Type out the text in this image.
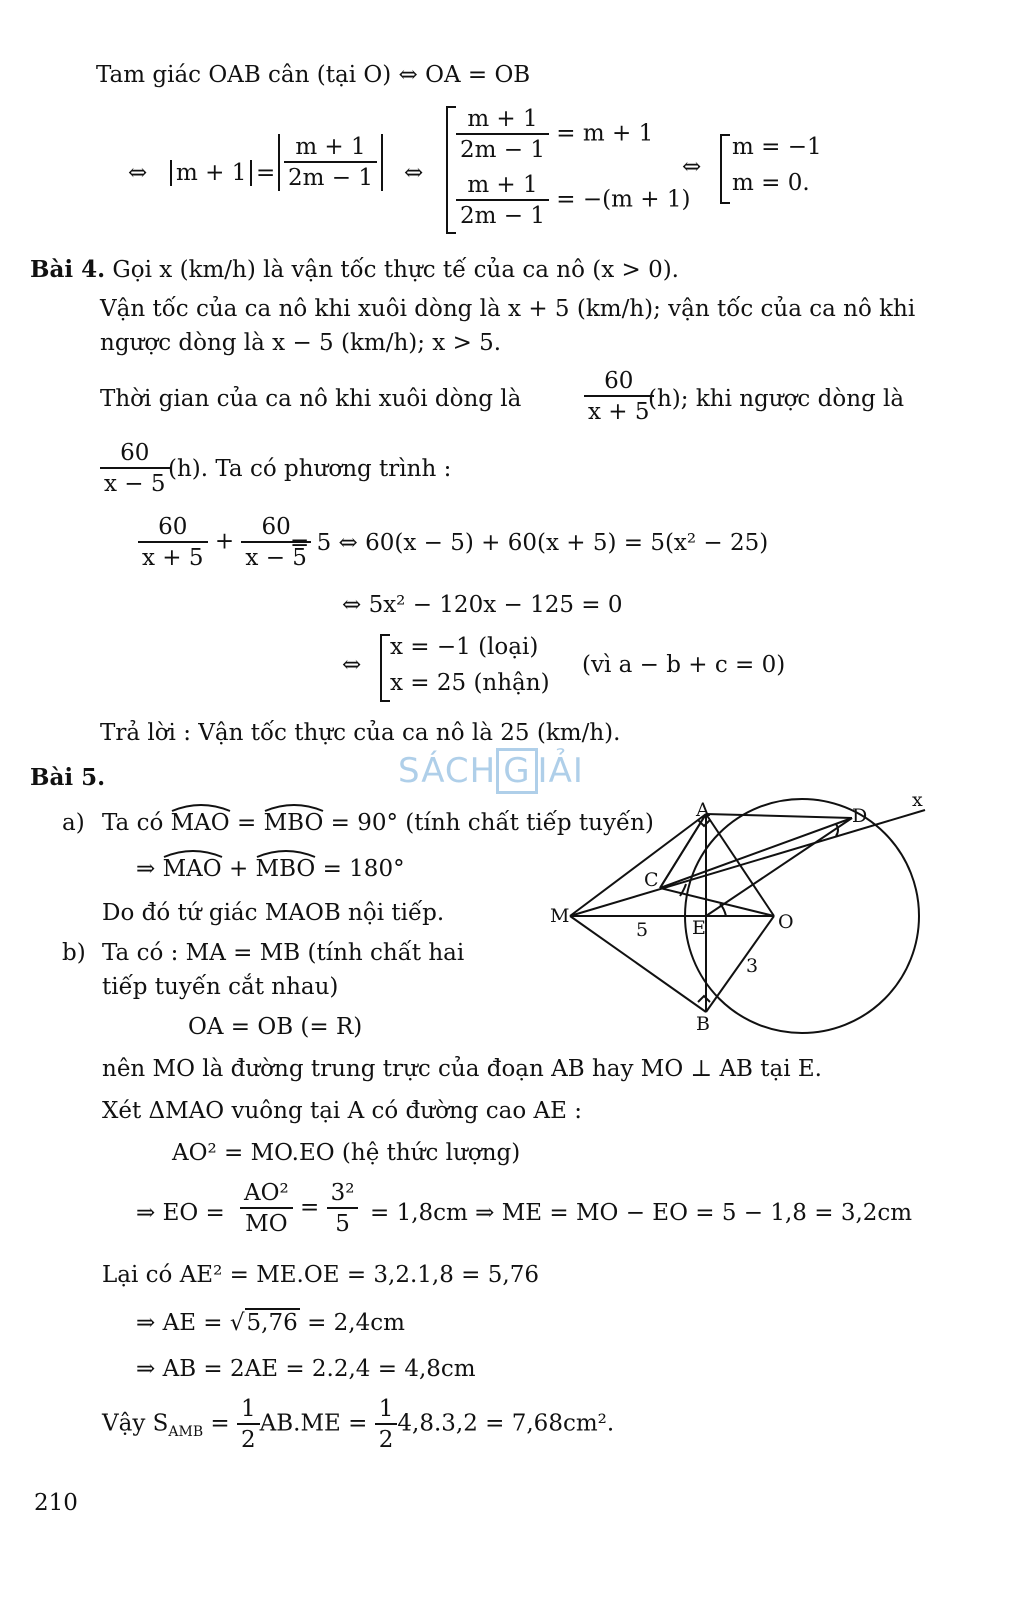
Tam giác OAB cân (tại O) ⇔ OA = OB
⇔ $m + 1 = \frac{m + 1}{2m - 1}$ ⇔
$\frac{m + 1}{2m - 1} = m + 1$
$\frac{m + 1}{2m - 1} = -(m + 1)$
⇔
m = −1
m = 0.
Bài 4. Gọi x (km/h) là vận tốc thực tế của ca nô (x > 0).
Vận tốc của ca nô khi xuôi dòng là x + 5 (km/h); vận tốc của ca nô khi
ngược dòng là x − 5 (km/h); x > 5.
Thời gian của ca nô khi xuôi dòng là	$\frac{60}{x + 5}$
(h); khi ngược dòng là
$\frac{60}{x - 5}$
(h). Ta có phương trình :
$\frac{60}{x + 5} + \frac{60}{x - 5}$
= 5 ⇔ 60(x − 5) + 60(x + 5) = 5(x² − 25)
⇔ 5x² − 120x − 125 = 0
⇔
x = −1 (loại)
x = 25 (nhận)
(vì a − b + c = 0)
Trả lời : Vận tốc thực của ca nô là 25 (km/h).
Bài 5.	SÁCH G IẢI
a) Ta có MAO = MBO = 90° (tính chất tiếp tuyến)
⇒ MAO + MBO = 180°
Do đó tứ giác MAOB nội tiếp.
b) Ta có : MA = MB (tính chất hai
tiếp tuyến cắt nhau)
OA = OB (= R)
nên MO là đường trung trực của đoạn AB hay MO ⊥ AB tại E.
Xét ΔMAO vuông tại A có đường cao AE :
AO² = MO.EO (hệ thức lượng)
⇒ EO = $\frac{\text{AO²}}{MO} = \frac{\text{3²}}{5} = 1,8cm$ ⇒ ME = MO − EO = 5 − 1,8 = 3,2cm
Lại có AE² = ME.OE = 3,2.1,8 = 5,76
⇒ AE = √5,76 = 2,4cm
⇒ AB = 2AE = 2.2,4 = 4,8cm
Vậy $S_{AMB} = \frac{1}{2} AB.ME = \frac{1}{2} 4,8.3,2 = 7,68cm^2$.
210
A
B
C
D
E
M	O
x
5
3
